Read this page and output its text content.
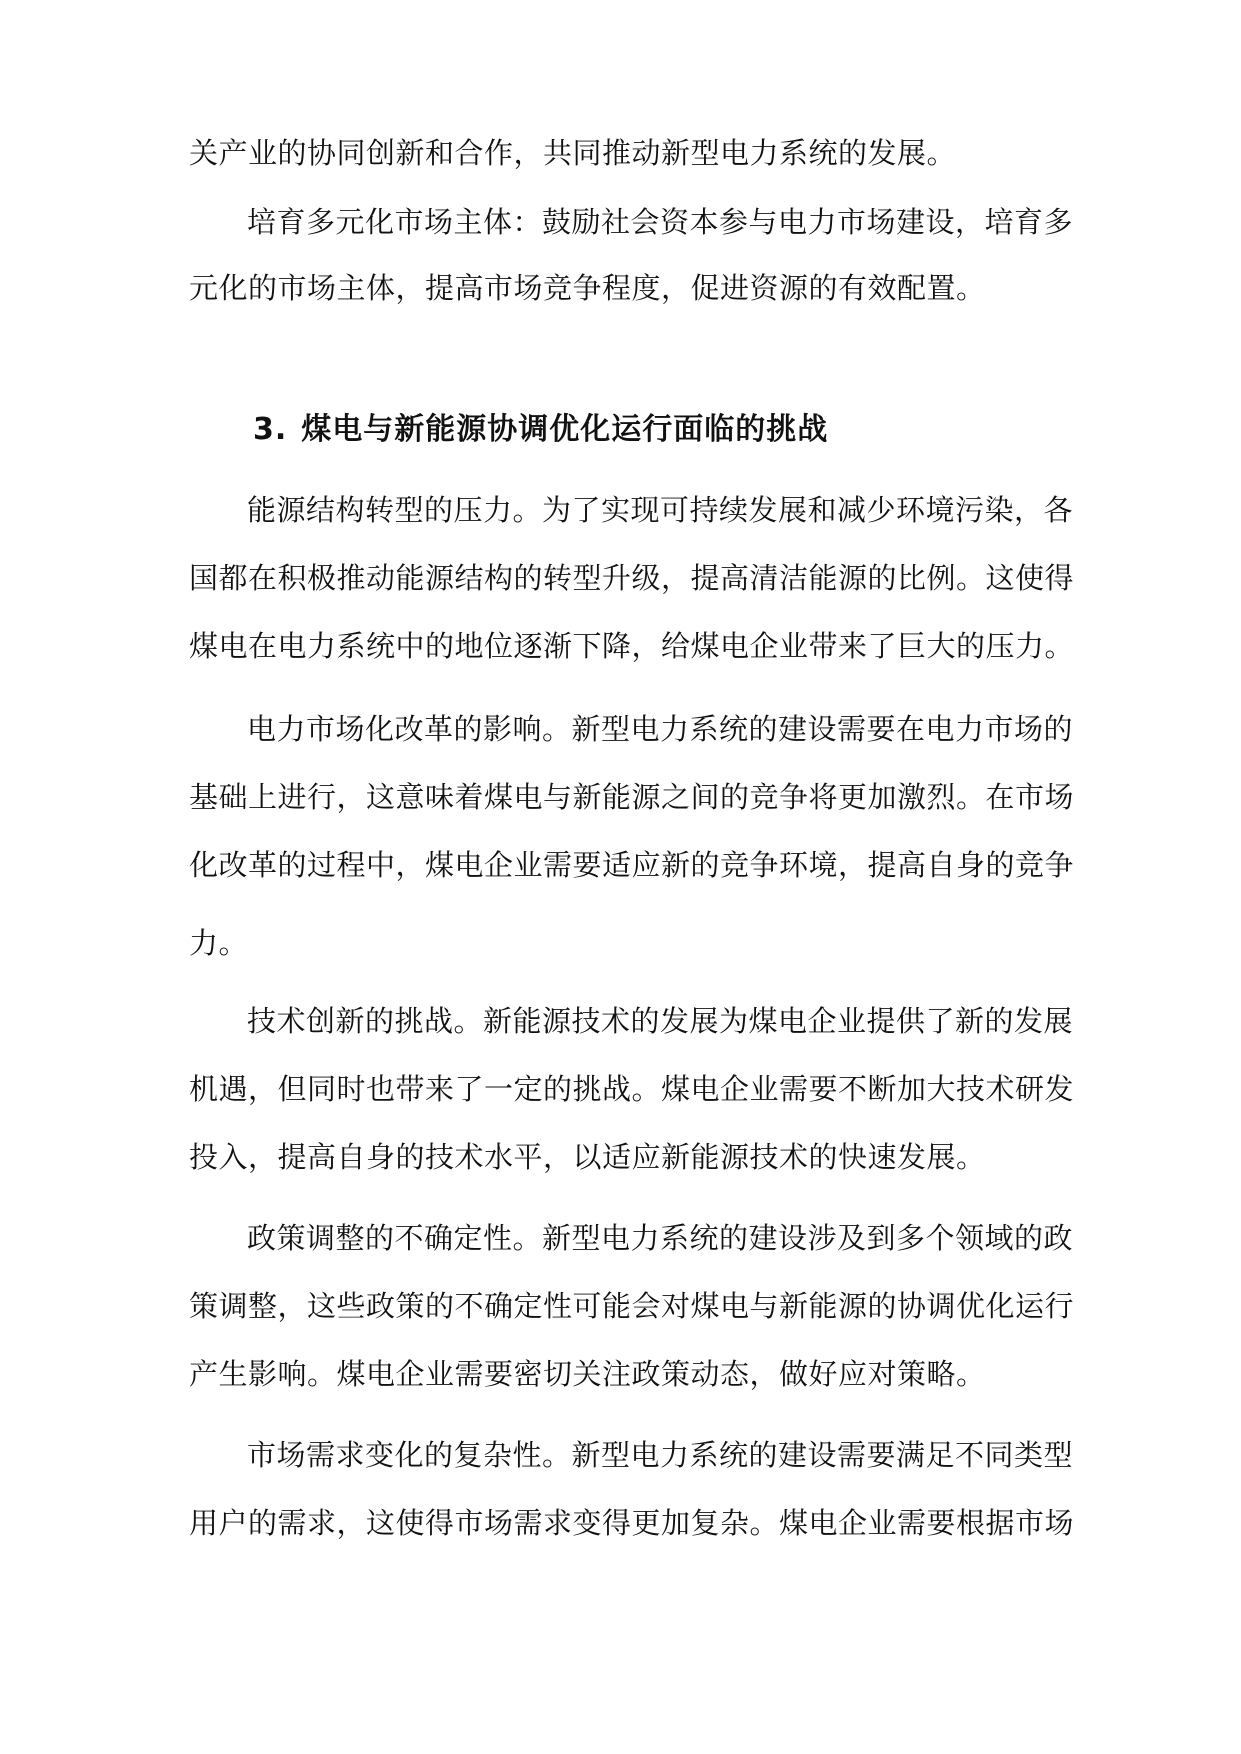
关产业的协同创新和合作，共同推动新型电力系统的发展。
培育多元化市场主体：鼓励社会资本参与电力市场建设，培育多
元化的市场主体，提高市场竞争程度，促进资源的有效配置。
3. 煤电与新能源协调优化运行面临的挑战
能源结构转型的压力。为了实现可持续发展和减少环境污染，各
国都在积极推动能源结构的转型升级，提高清洁能源的比例。这使得
煤电在电力系统中的地位逐渐下降，给煤电企业带来了巨大的压力。
电力市场化改革的影响。新型电力系统的建设需要在电力市场的
基础上进行，这意味着煤电与新能源之间的竞争将更加激烈。在市场
化改革的过程中，煤电企业需要适应新的竞争环境，提高自身的竞争
力。
技术创新的挑战。新能源技术的发展为煤电企业提供了新的发展
机遇，但同时也带来了一定的挑战。煤电企业需要不断加大技术研发
投入，提高自身的技术水平，以适应新能源技术的快速发展。
政策调整的不确定性。新型电力系统的建设涉及到多个领域的政
策调整，这些政策的不确定性可能会对煤电与新能源的协调优化运行
产生影响。煤电企业需要密切关注政策动态，做好应对策略。
市场需求变化的复杂性。新型电力系统的建设需要满足不同类型
用户的需求，这使得市场需求变得更加复杂。煤电企业需要根据市场
